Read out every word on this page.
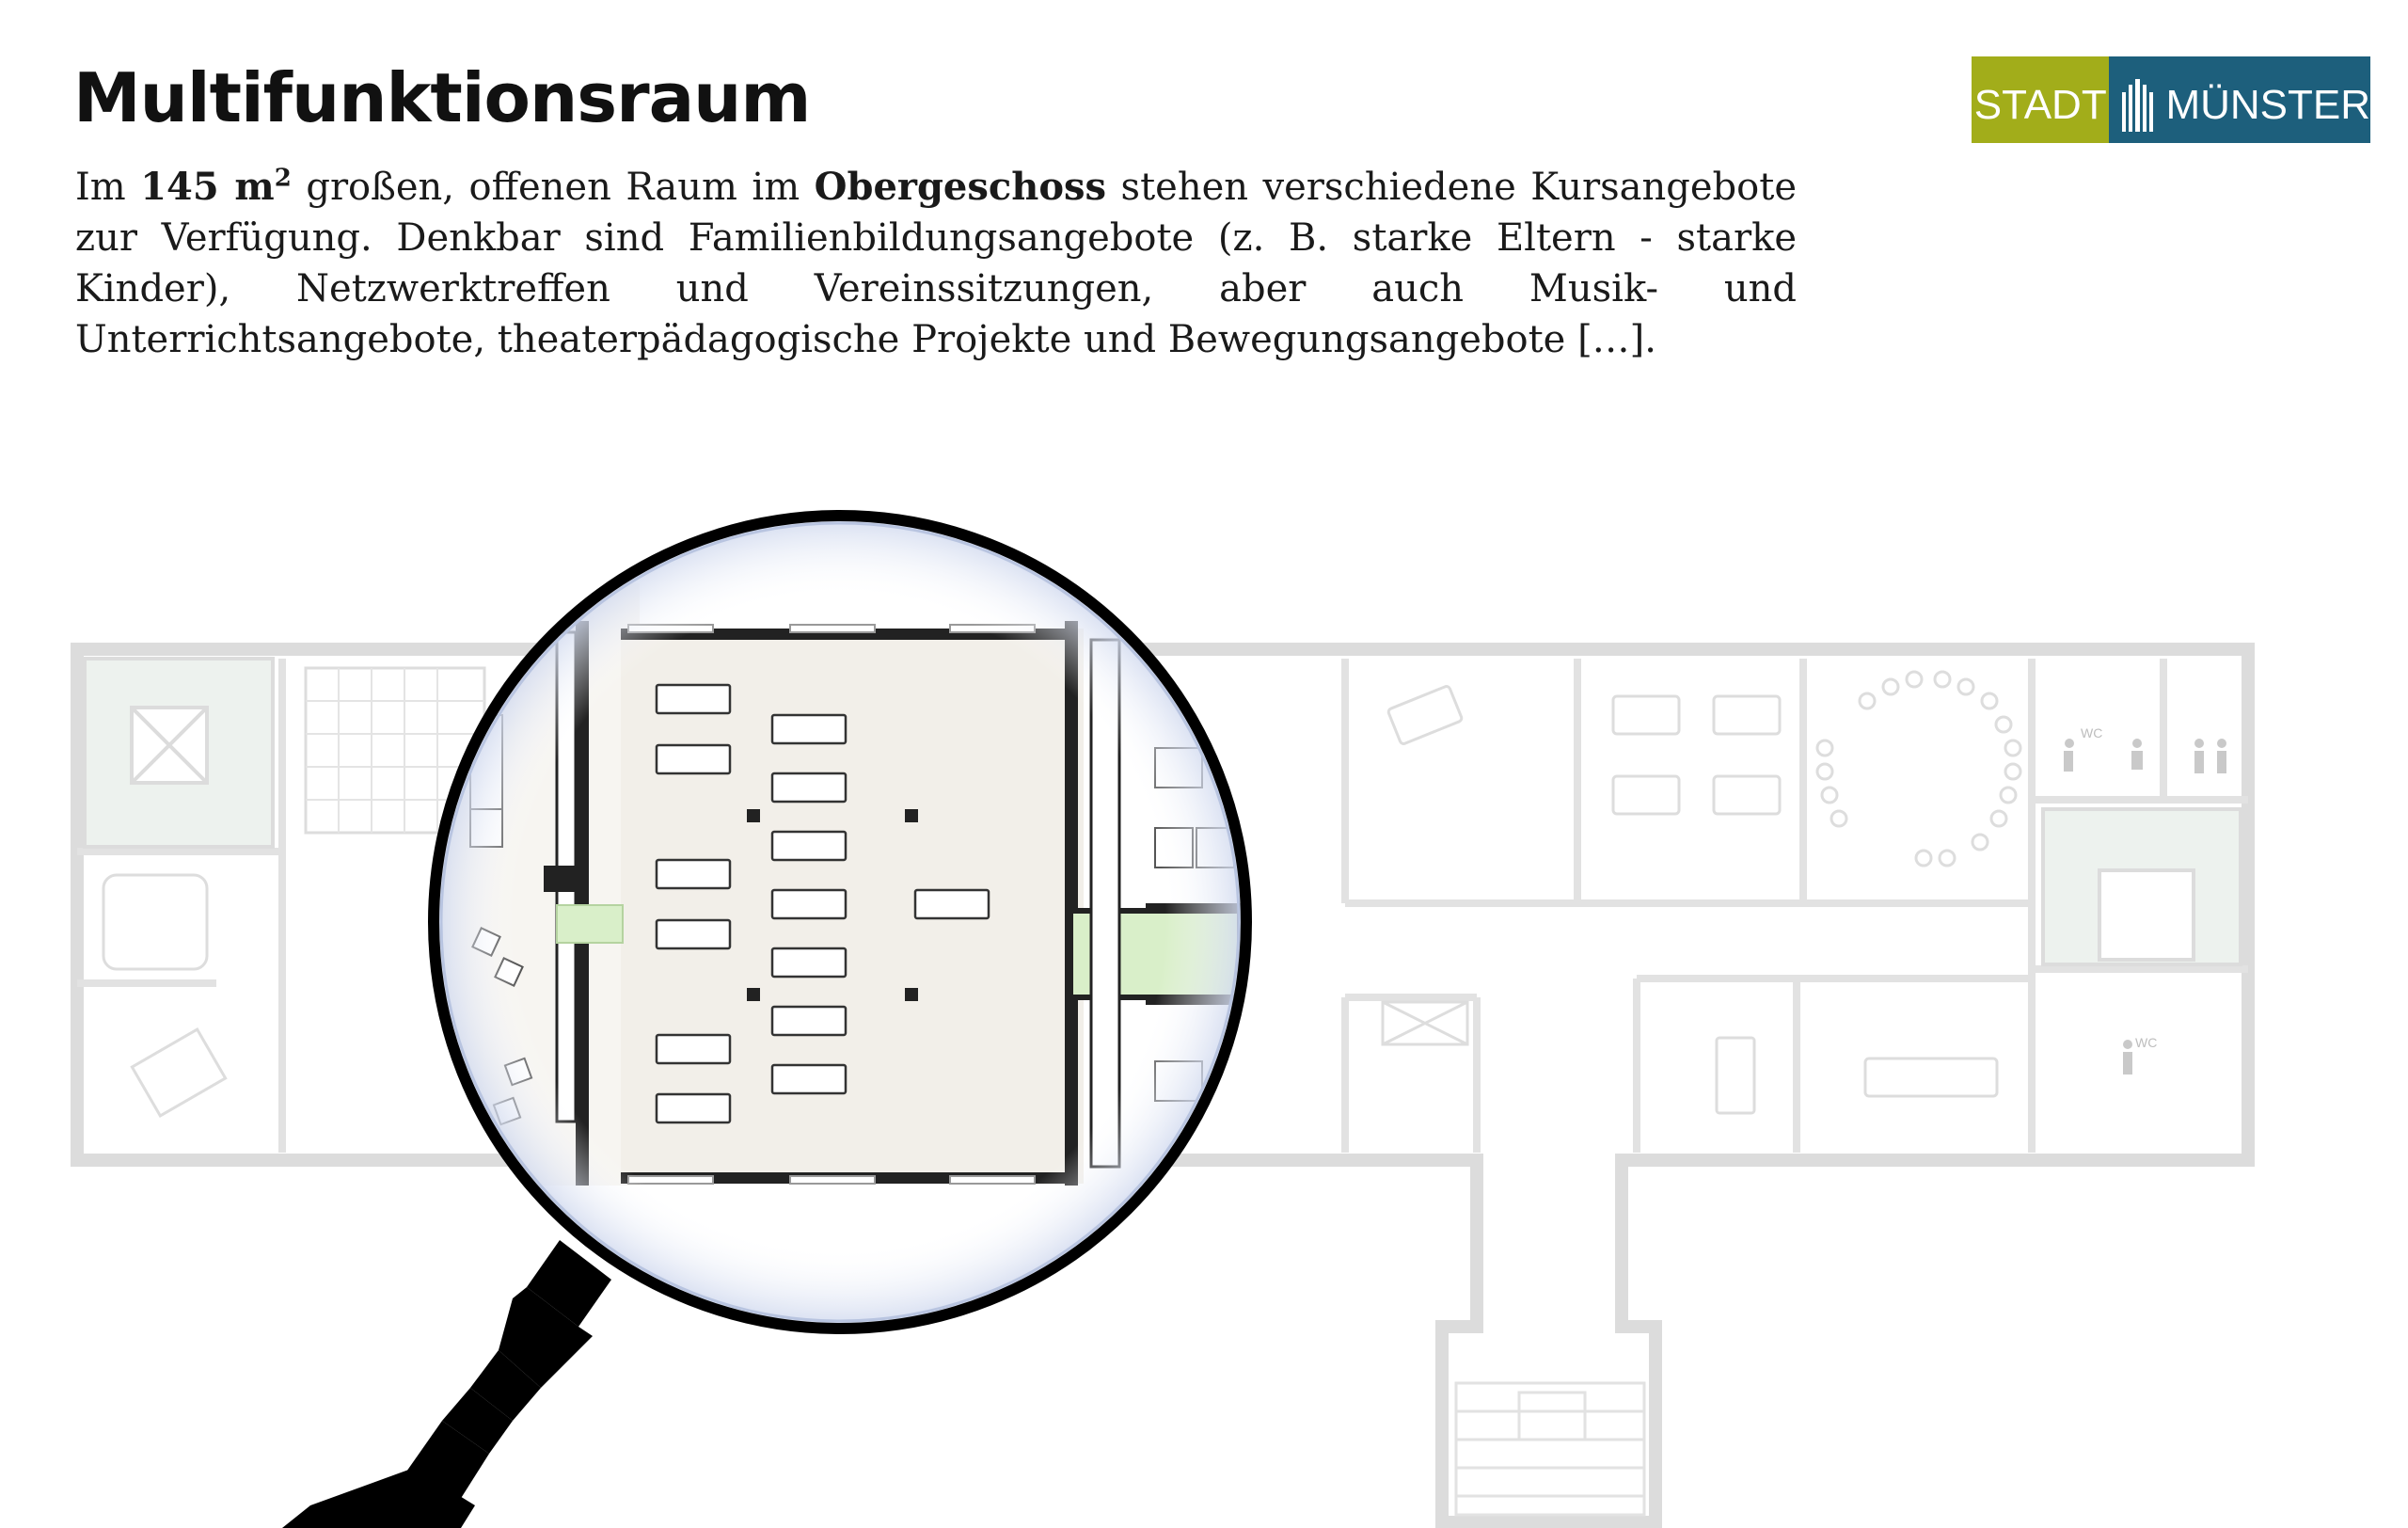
Multifunktionsraum

Im 145 $m^2$ großen, offenen Raum im Obergeschoss stehen verschiedene Kursangebote zur Verfügung. Denkbar sind Familienbildungsangebote (z. B. starke Eltern - starke Kinder), Netzwerktreffen und Vereinssitzungen, aber auch Musik- und Unterrichtsangebote, theaterpädagogische Projekte und Bewegungsangebote […].

STADT MÜNSTER
WC
WC
